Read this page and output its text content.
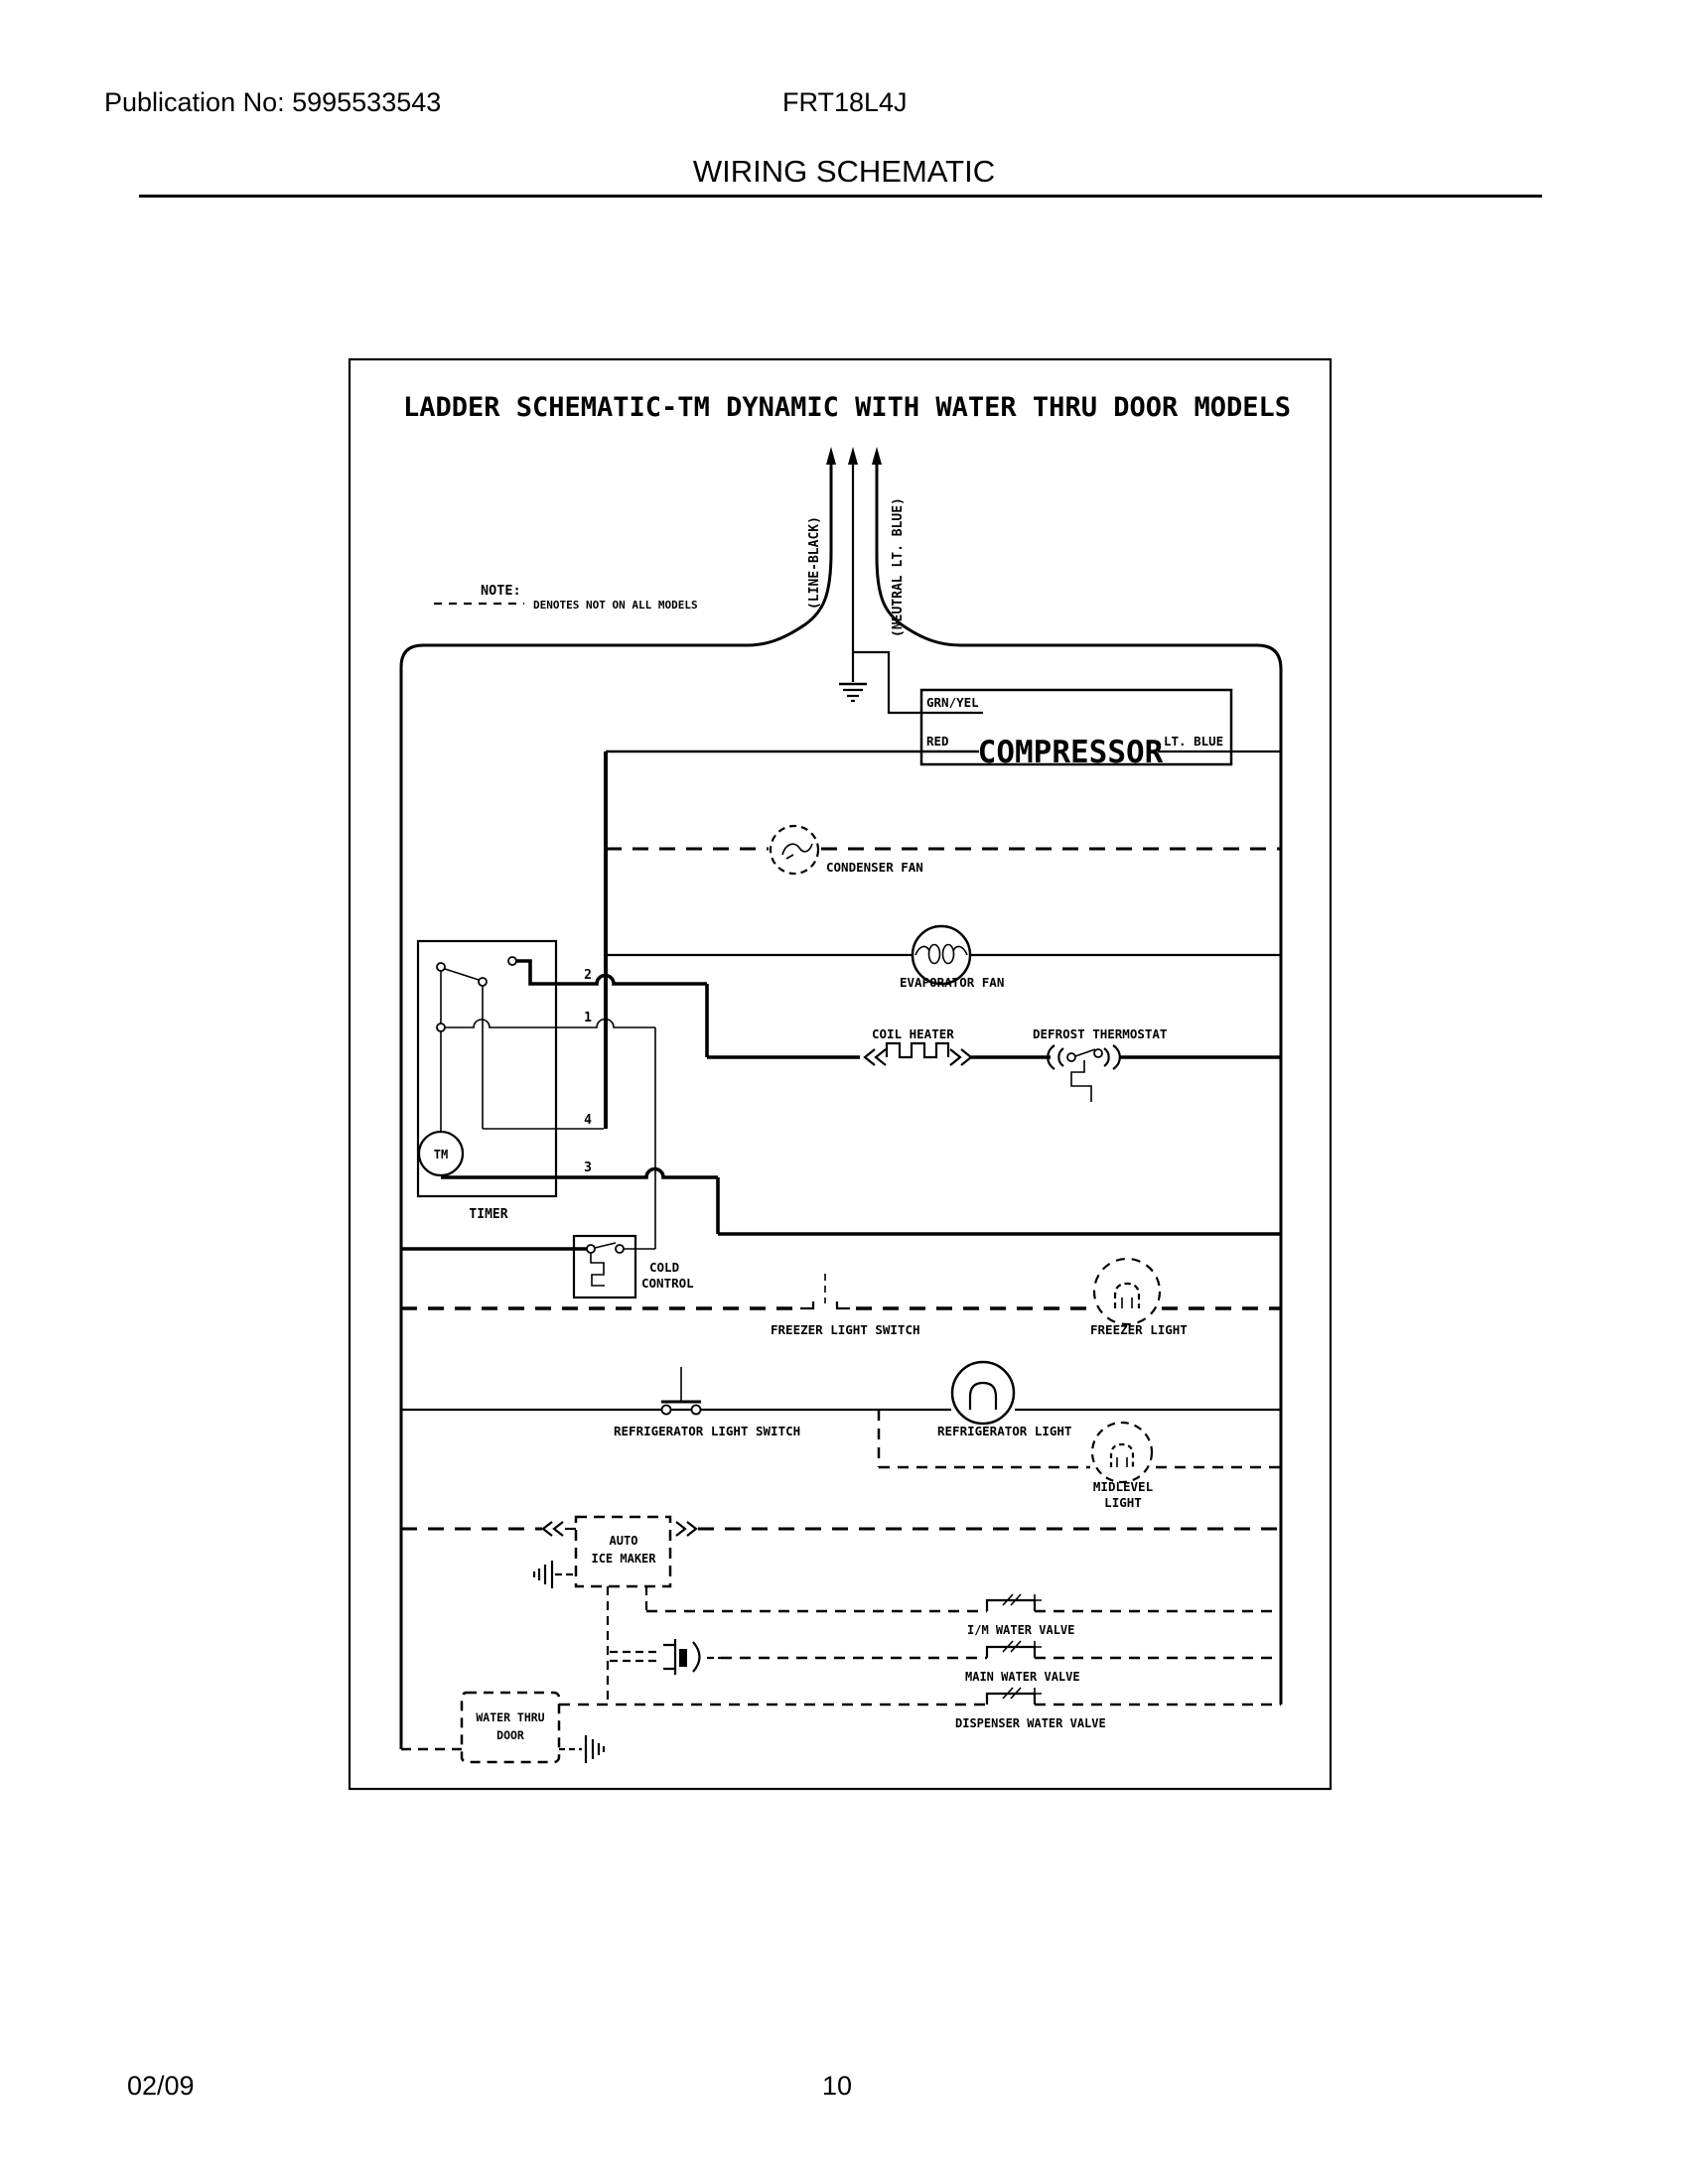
Publication No: 5995533543	FRT18L4J
WIRING SCHEMATIC
LADDER SCHEMATIC-TM DYNAMIC WITH WATER THRU DOOR MODELS
NOTE:
DENOTES NOT ON ALL MODELS	(LINE-BLACK)	(NEUTRAL LT. BLUE)
GRN/YEL
RED	LT. BLUE
COMPRESSOR
CONDENSER FAN
EVAPORATOR FAN
TM
TIMER
2
1
4
3
COIL HEATER	DEFROST THERMOSTAT
COLD
CONTROL
FREEZER LIGHT SWITCH	FREEZER LIGHT
REFRIGERATOR LIGHT SWITCH	REFRIGERATOR LIGHT
MIDLEVEL
LIGHT
AUTO
ICE MAKER
I/M WATER VALVE
MAIN WATER VALVE
DISPENSER WATER VALVE
WATER THRU
DOOR
02/09	10
